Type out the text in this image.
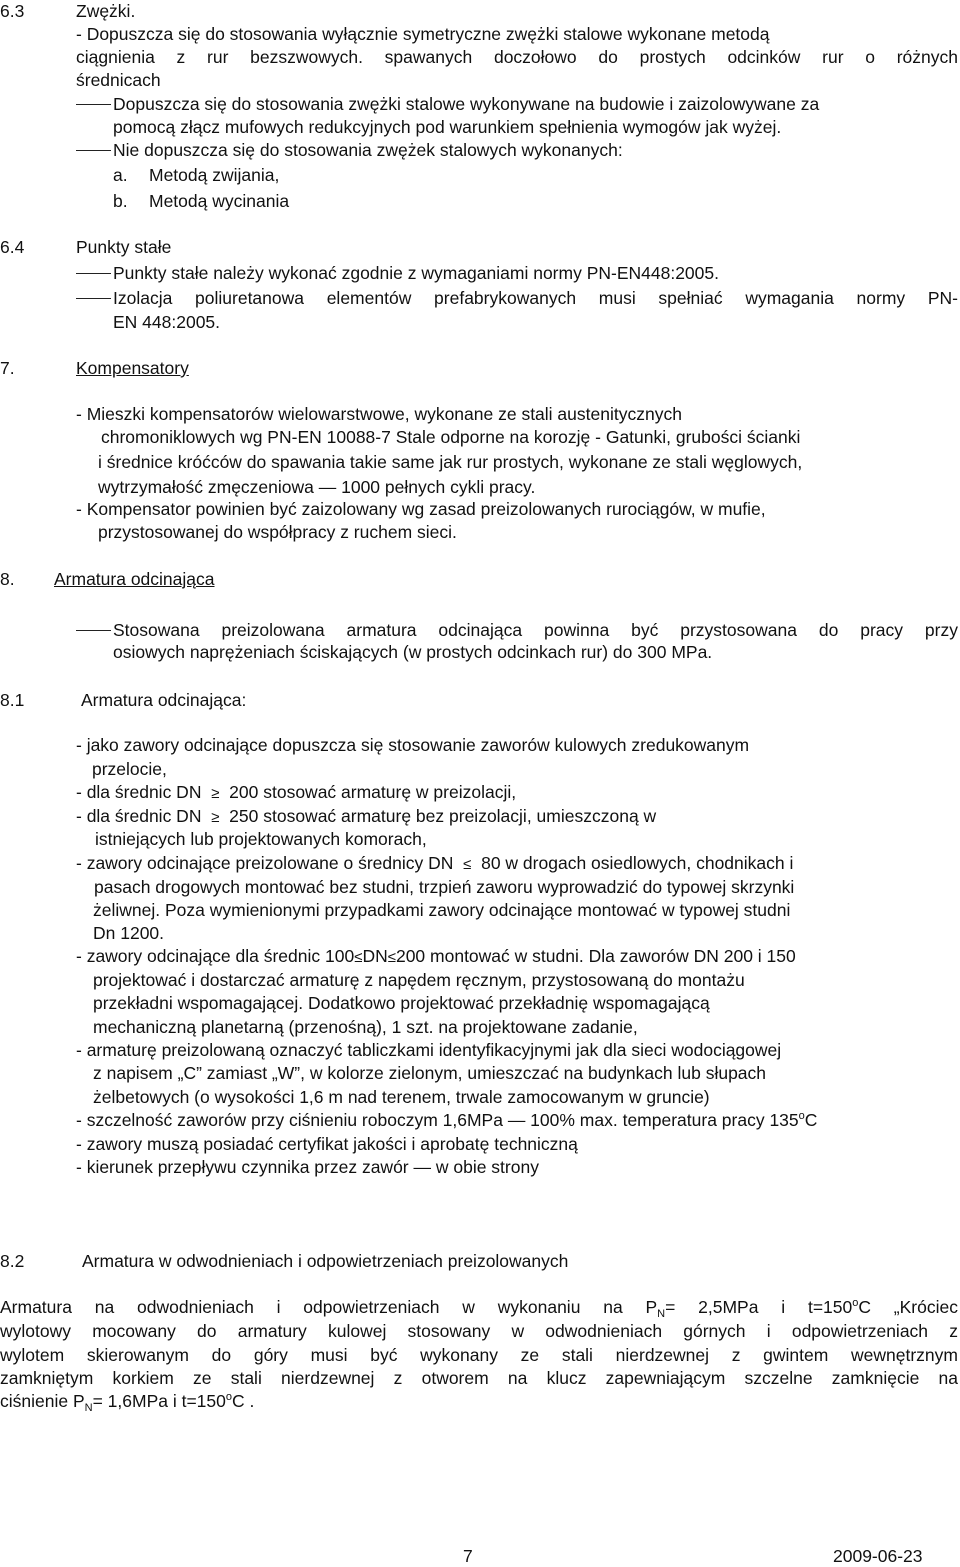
6.3	Zwężki.
- Dopuszcza się do stosowania wyłącznie symetryczne zwężki stalowe wykonane metodą
ciągnienia z rur bezszwowych. spawanych doczołowo do prostych odcinków rur o różnych
średnicach
Dopuszcza się do stosowania zwężki stalowe wykonywane na budowie i zaizolowywane za
pomocą złącz mufowych redukcyjnych pod warunkiem spełnienia wymogów jak wyżej.
Nie dopuszcza się do stosowania zwężek stalowych wykonanych:
a. Metodą zwijania,
b. Metodą wycinania
6.4	Punkty stałe
Punkty stałe należy wykonać zgodnie z wymaganiami normy PN-EN448:2005.
Izolacja poliuretanowa elementów prefabrykowanych musi spełniać wymagania normy PN-
EN 448:2005.
7.	Kompensatory
- Mieszki kompensatorów wielowarstwowe, wykonane ze stali austenitycznych
chromoniklowych wg PN-EN 10088-7 Stale odporne na korozję - Gatunki, grubości ścianki
i średnice króćców do spawania takie same jak rur prostych, wykonane ze stali węglowych,
wytrzymałość zmęczeniowa — 1000 pełnych cykli pracy.
- Kompensator powinien być zaizolowany wg zasad preizolowanych rurociągów, w mufie,
przystosowanej do współpracy z ruchem sieci.
8. Armatura odcinająca
Stosowana preizolowana armatura odcinająca powinna być przystosowana do pracy przy
osiowych naprężeniach ściskających (w prostych odcinkach rur) do 300 MPa.
8.1	Armatura odcinająca:
- jako zawory odcinające dopuszcza się stosowanie zaworów kulowych zredukowanym
przelocie,
- dla średnic DN ≥ 200 stosować armaturę w preizolacji,
- dla średnic DN ≥ 250 stosować armaturę bez preizolacji, umieszczoną w
istniejących lub projektowanych komorach,
- zawory odcinające preizolowane o średnicy DN ≤ 80 w drogach osiedlowych, chodnikach i
pasach drogowych montować bez studni, trzpień zaworu wyprowadzić do typowej skrzynki
żeliwnej. Poza wymienionymi przypadkami zawory odcinające montować w typowej studni
Dn 1200.
- zawory odcinające dla średnic 100≤DN≤200 montować w studni. Dla zaworów DN 200 i 150
projektować i dostarczać armaturę z napędem ręcznym, przystosowaną do montażu
przekładni wspomagającej. Dodatkowo projektować przekładnię wspomagającą
mechaniczną planetarną (przenośną), 1 szt. na projektowane zadanie,
- armaturę preizolowaną oznaczyć tabliczkami identyfikacyjnymi jak dla sieci wodociągowej
z napisem „C” zamiast „W”, w kolorze zielonym, umieszczać na budynkach lub słupach
żelbetowych (o wysokości 1,6 m nad terenem, trwale zamocowanym w gruncie)
- szczelność zaworów przy ciśnieniu roboczym 1,6MPa — 100% max. temperatura pracy 135$^o$C
- zawory muszą posiadać certyfikat jakości i aprobatę techniczną
- kierunek przepływu czynnika przez zawór — w obie strony
8.2	Armatura w odwodnieniach i odpowietrzeniach preizolowanych
Armatura na odwodnieniach i odpowietrzeniach w wykonaniu na $P_N= 2,5MPa$ i $t=150^oC$ „Króciec
wylotowy mocowany do armatury kulowej stosowany w odwodnieniach górnych i odpowietrzeniach z
wylotem skierowanym do góry musi być wykonany ze stali nierdzewnej z gwintem wewnętrznym
zamkniętym korkiem ze stali nierdzewnej z otworem na klucz zapewniającym szczelne zamknięcie na
ciśnienie $P_N= 1,6MPa$ i $t=150^oC$ .
7	2009-06-23
